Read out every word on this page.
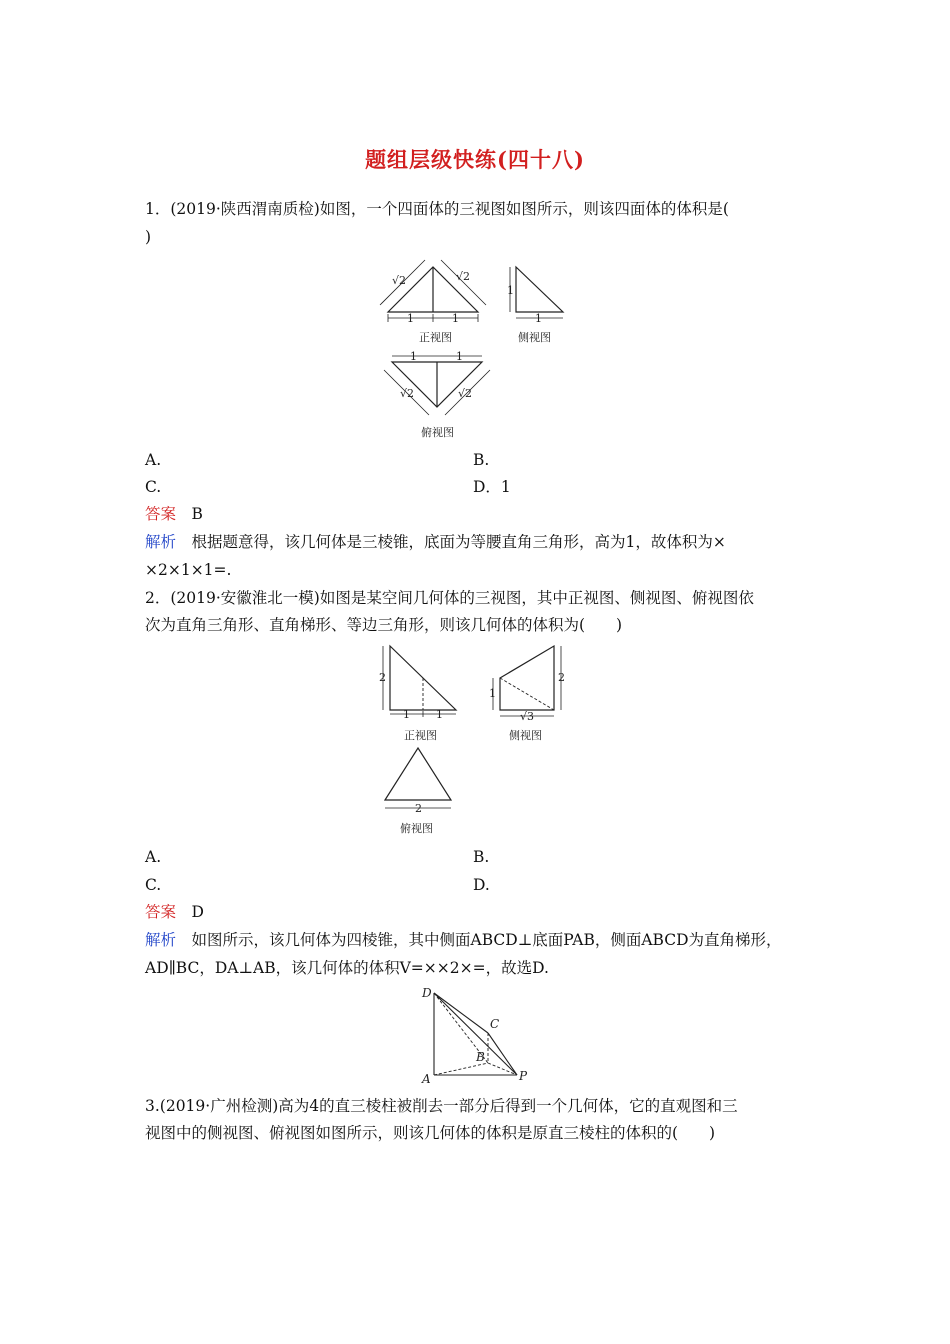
题组层级快练(四十八)
1．(2019·陕西渭南质检)如图，一个四面体的三视图如图所示，则该四面体的体积是(
)
√2	√2
1	1
1
1
1	1
√2	√2
正视图	侧视图
俯视图
A.	B.
C.	D．1
答案　 B
解析　 根据题意得，该几何体是三棱锥，底面为等腰直角三角形，高为1，故体积为×
×2×1×1=.
2．(2019·安徽淮北一模)如图是某空间几何体的三视图，其中正视图、侧视图、俯视图依
次为直角三角形、直角梯形、等边三角形，则该几何体的体积为(　　)
2
1 1
1
2
√3
2
正视图	侧视图
俯视图
A.	B.
C.	D.
答案　 D
解析　 如图所示，该几何体为四棱锥，其中侧面ABCD⊥底面PAB，侧面ABCD为直角梯形，
AD∥BC，DA⊥AB，该几何体的体积V=××2×=，故选D.
D
C
B
A	P
3.(2019·广州检测)高为4的直三棱柱被削去一部分后得到一个几何体，它的直观图和三
视图中的侧视图、俯视图如图所示，则该几何体的体积是原直三棱柱的体积的(　　)
